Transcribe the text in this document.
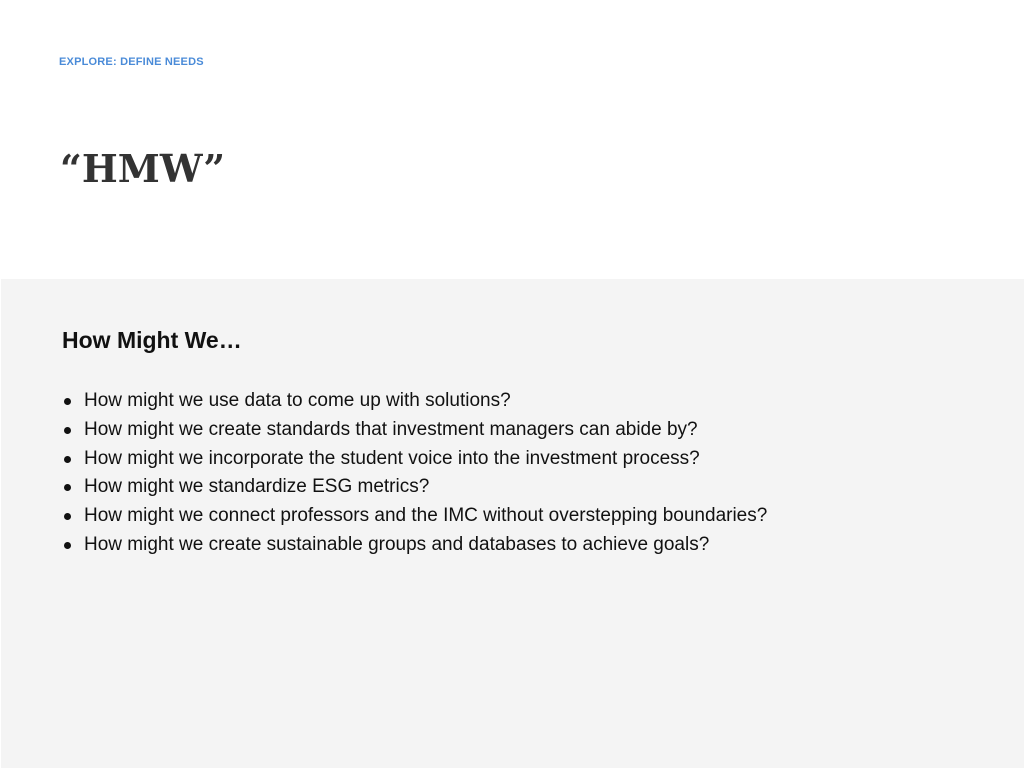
EXPLORE: DEFINE NEEDS

“HMW”
How Might We…
How might we use data to come up with solutions?
How might we create standards that investment managers can abide by?
How might we incorporate the student voice into the investment process?
How might we standardize ESG metrics?
How might we connect professors and the IMC without overstepping boundaries?
How might we create sustainable groups and databases to achieve goals?
